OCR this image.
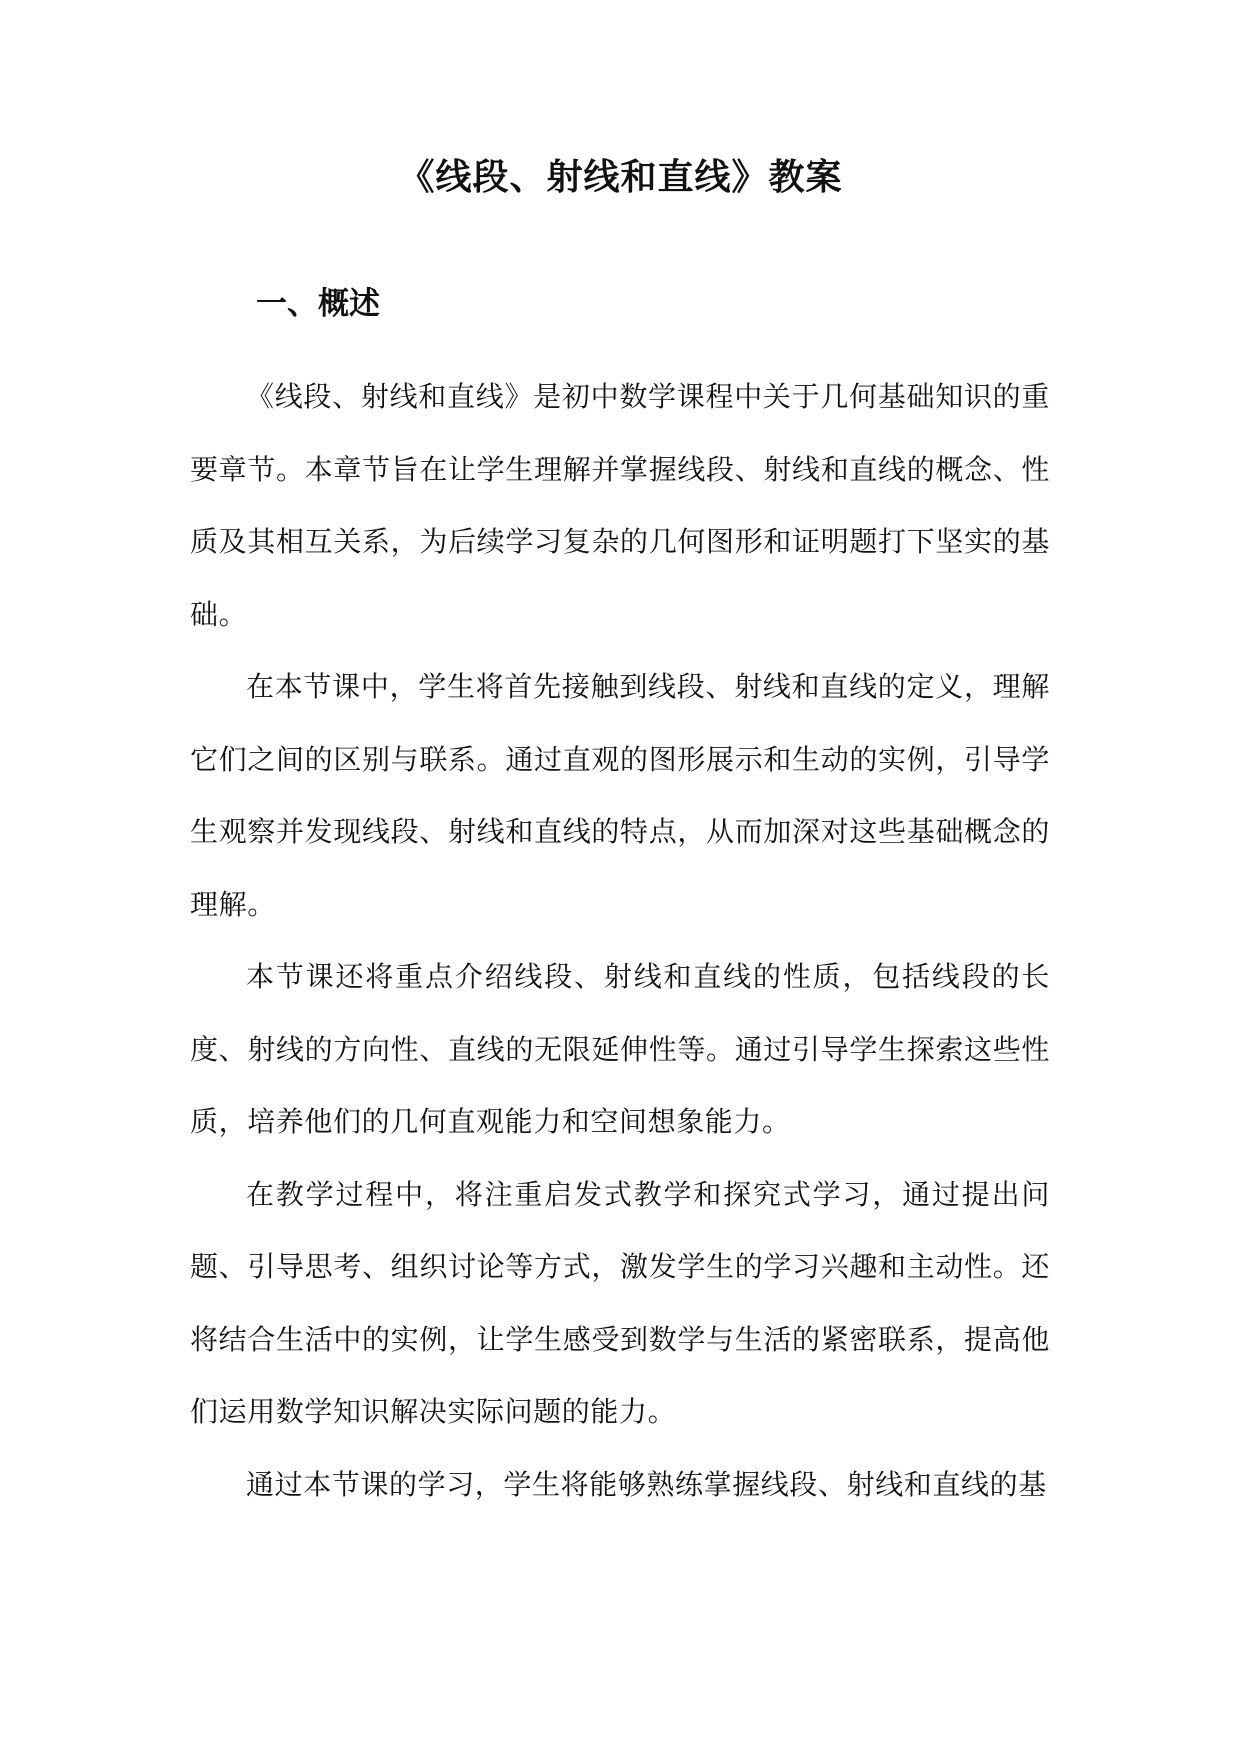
《线段、射线和直线》教案
一、概述

《线段、射线和直线》是初中数学课程中关于几何基础知识的重要章节。本章节旨在让学生理解并掌握线段、射线和直线的概念、性质及其相互关系，为后续学习复杂的几何图形和证明题打下坚实的基础。

在本节课中，学生将首先接触到线段、射线和直线的定义，理解它们之间的区别与联系。通过直观的图形展示和生动的实例，引导学生观察并发现线段、射线和直线的特点，从而加深对这些基础概念的理解。

本节课还将重点介绍线段、射线和直线的性质，包括线段的长度、射线的方向性、直线的无限延伸性等。通过引导学生探索这些性质，培养他们的几何直观能力和空间想象能力。

在教学过程中，将注重启发式教学和探究式学习，通过提出问题、引导思考、组织讨论等方式，激发学生的学习兴趣和主动性。还将结合生活中的实例，让学生感受到数学与生活的紧密联系，提高他们运用数学知识解决实际问题的能力。

通过本节课的学习，学生将能够熟练掌握线段、射线和直线的基
